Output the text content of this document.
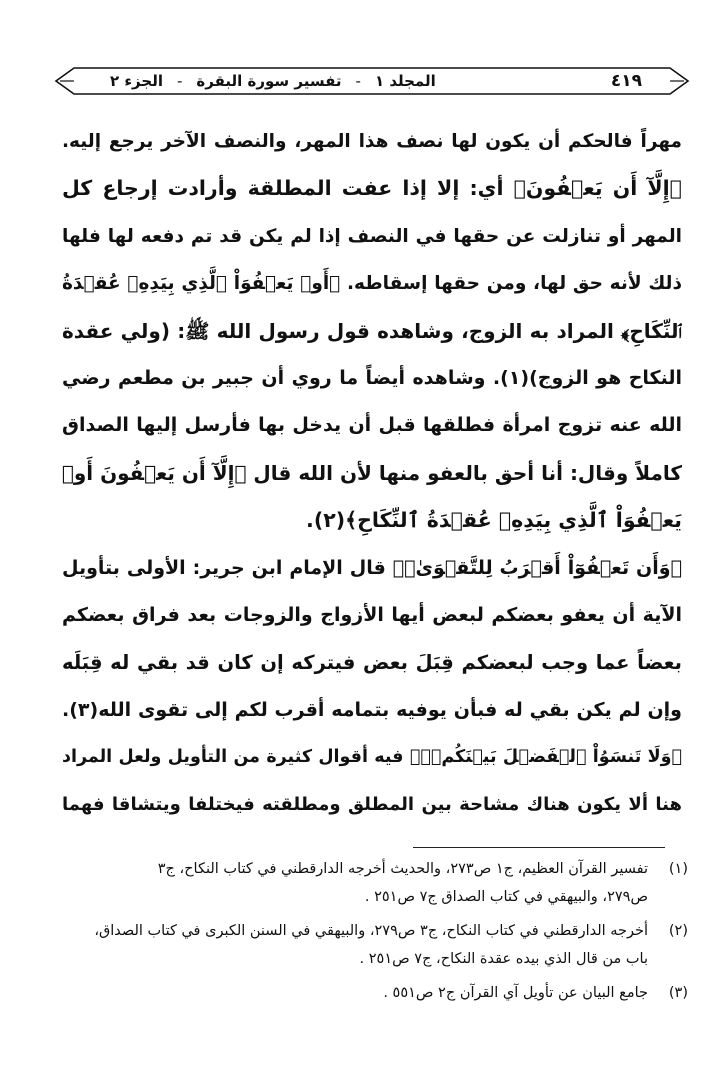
المجلد ١
-
تفسير سورة البقرة
-
الجزء ٢	٤١٩
مهراً فالحكم أن يكون لها نصف هذا المهر، والنصف الآخر يرجع إليه.
﴿إِلَّآ أَن يَعۡفُونَ﴾ أي: إلا إذا عفت المطلقة وأرادت إرجاع كل
المهر أو تنازلت عن حقها في النصف إذا لم يكن قد تم دفعه لها فلها
ذلك لأنه حق لها، ومن حقها إسقاطه. ﴿أَوۡ يَعۡفُوَاْ ٱلَّذِي بِيَدِهِۦ عُقۡدَةُ
ٱلنِّكَاحِ﴾ المراد به الزوج، وشاهده قول رسول الله ﷺ: (ولي عقدة
النكاح هو الزوج)(١). وشاهده أيضاً ما روي أن جبير بن مطعم رضي
الله عنه تزوج امرأة فطلقها قبل أن يدخل بها فأرسل إليها الصداق
كاملاً وقال: أنا أحق بالعفو منها لأن الله قال ﴿إِلَّآ أَن يَعۡفُونَ أَوۡ
يَعۡفُوَاْ ٱلَّذِي بِيَدِهِۦ عُقۡدَةُ ٱلنِّكَاحِ﴾(٢).
﴿وَأَن تَعۡفُوٓاْ أَقۡرَبُ لِلتَّقۡوَىٰۚ﴾ قال الإمام ابن جرير: الأولى بتأويل
الآية أن يعفو بعضكم لبعض أيها الأزواج والزوجات بعد فراق بعضكم
بعضاً عما وجب لبعضكم قِبَلَ بعض فيتركه إن كان قد بقي له قِبَلَه
وإن لم يكن بقي له فبأن يوفيه بتمامه أقرب لكم إلى تقوى الله(٣).
﴿وَلَا تَنسَوُاْ ٱلۡفَضۡلَ بَيۡنَكُمۡۚ﴾ فيه أقوال كثيرة من التأويل ولعل المراد
هنا ألا يكون هناك مشاحة بين المطلق ومطلقته فيختلفا ويتشاقا فهما
(١)
تفسير القرآن العظيم، ج١ ص٢٧٣، والحديث أخرجه الدارقطني في كتاب النكاح، ج٣
ص٢٧٩، والبيهقي في كتاب الصداق ج٧ ص٢٥١ .
(٢)
أخرجه الدارقطني في كتاب النكاح، ج٣ ص٢٧٩، والبيهقي في السنن الكبرى في كتاب الصداق،
باب من قال الذي بيده عقدة النكاح، ج٧ ص٢٥١ .
(٣)
جامع البيان عن تأويل آي القرآن ج٢ ص٥٥١ .
